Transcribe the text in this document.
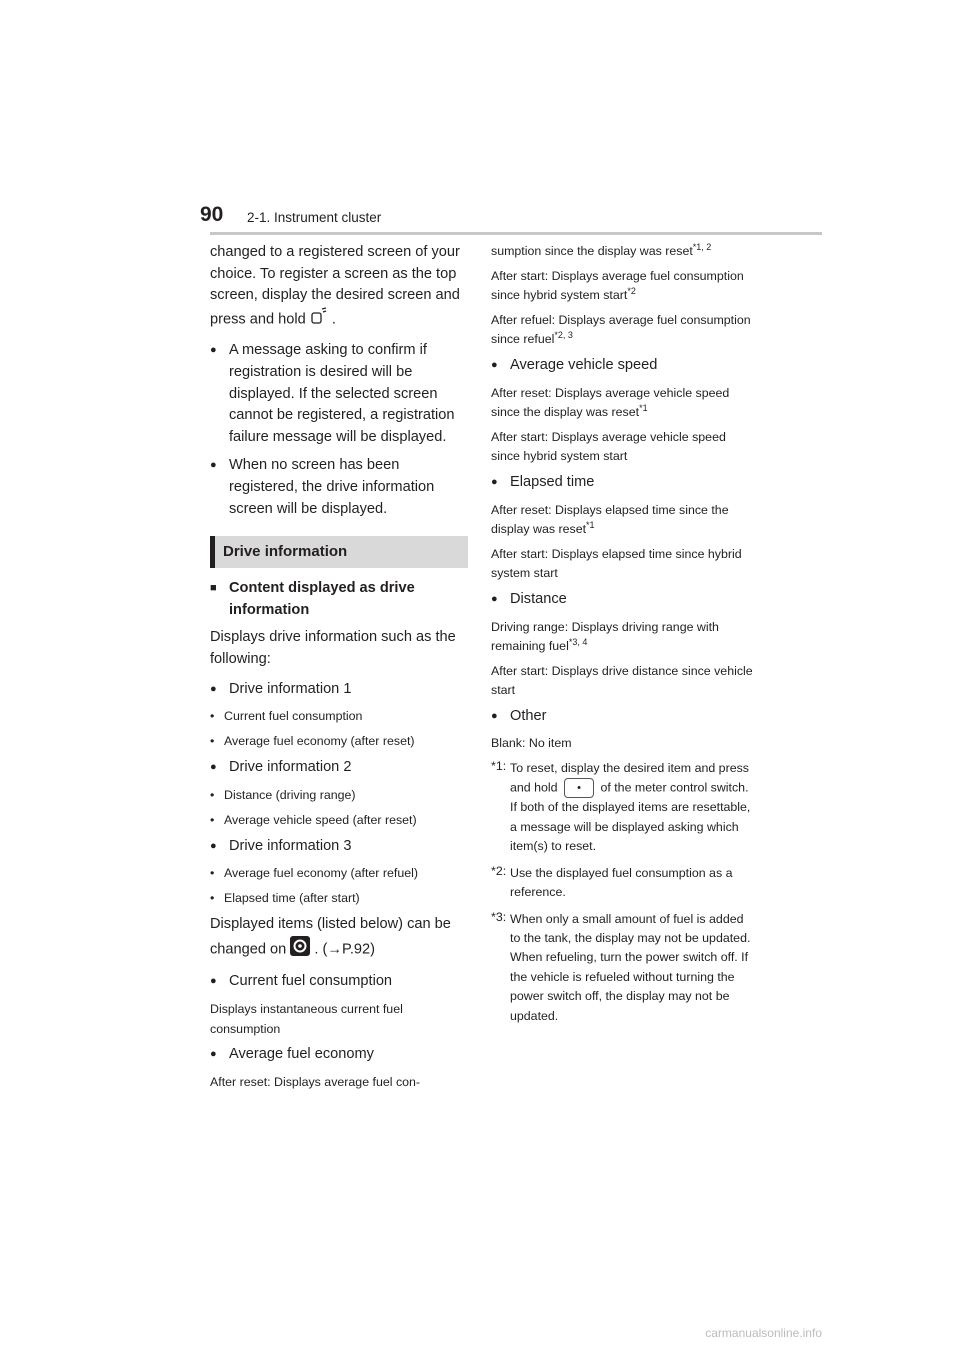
90 2-1. Instrument cluster

changed to a registered screen of your choice. To register a screen as the top screen, display the desired screen and press and hold .

● A message asking to confirm if registration is desired will be displayed. If the selected screen cannot be registered, a registration failure message will be displayed.

● When no screen has been registered, the drive information screen will be displayed.

Drive information

■ Content displayed as drive information

Displays drive information such as the following:

● Drive information 1

• Current fuel consumption

• Average fuel economy (after reset)

● Drive information 2

• Distance (driving range)

• Average vehicle speed (after reset)

● Drive information 3

• Average fuel economy (after refuel)

• Elapsed time (after start)

Displayed items (listed below) can be changed on . (→P.92)

● Current fuel consumption

Displays instantaneous current fuel consumption

● Average fuel economy

After reset: Displays average fuel con-

sumption since the display was reset$^{*1, 2}$

After start: Displays average fuel consumption since hybrid system start$^{*2}$

After refuel: Displays average fuel consumption since refuel$^{*2, 3}$

● Average vehicle speed

After reset: Displays average vehicle speed since the display was reset$^{*1}$

After start: Displays average vehicle speed since hybrid system start

● Elapsed time

After reset: Displays elapsed time since the display was reset$^{*1}$

After start: Displays elapsed time since hybrid system start

● Distance

Driving range: Displays driving range with remaining fuel$^{*3, 4}$

After start: Displays drive distance since vehicle start

● Other

Blank: No item

*1: To reset, display the desired item and press and hold • of the meter control switch.
If both of the displayed items are resettable, a message will be displayed asking which item(s) to reset.
*2: Use the displayed fuel consumption as a reference.
*3: When only a small amount of fuel is added to the tank, the display may not be updated.
When refueling, turn the power switch off. If the vehicle is refueled without turning the power switch off, the display may not be updated.
carmanualsonline.info
